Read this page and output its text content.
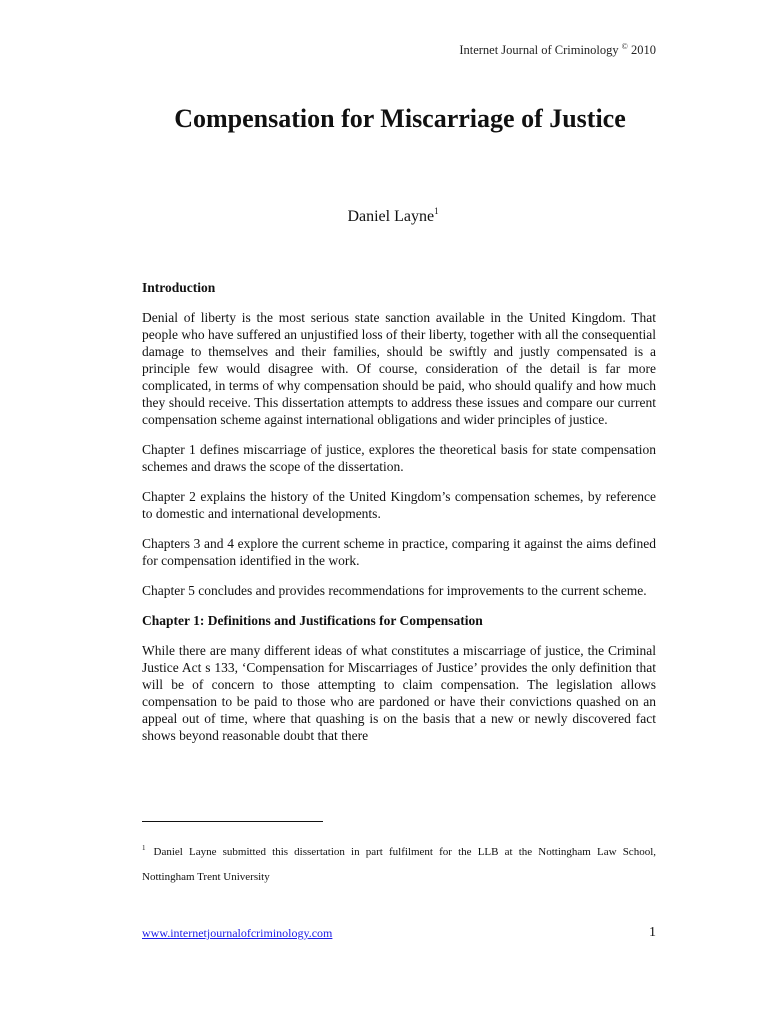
Internet Journal of Criminology © 2010
Compensation for Miscarriage of Justice
Daniel Layne$^1$
Introduction

Denial of liberty is the most serious state sanction available in the United Kingdom. That people who have suffered an unjustified loss of their liberty, together with all the consequential damage to themselves and their families, should be swiftly and justly compensated is a principle few would disagree with. Of course, consideration of the detail is far more complicated, in terms of why compensation should be paid, who should qualify and how much they should receive. This dissertation attempts to address these issues and compare our current compensation scheme against international obligations and wider principles of justice.

Chapter 1 defines miscarriage of justice, explores the theoretical basis for state compensation schemes and draws the scope of the dissertation.

Chapter 2 explains the history of the United Kingdom’s compensation schemes, by reference to domestic and international developments.

Chapters 3 and 4 explore the current scheme in practice, comparing it against the aims defined for compensation identified in the work.

Chapter 5 concludes and provides recommendations for improvements to the current scheme.

Chapter 1: Definitions and Justifications for Compensation

While there are many different ideas of what constitutes a miscarriage of justice, the Criminal Justice Act s 133, ‘Compensation for Miscarriages of Justice’ provides the only definition that will be of concern to those attempting to claim compensation. The legislation allows compensation to be paid to those who are pardoned or have their convictions quashed on an appeal out of time, where that quashing is on the basis that a new or newly discovered fact shows beyond reasonable doubt that there

$^1$ Daniel Layne submitted this dissertation in part fulfilment for the LLB at the Nottingham Law School, Nottingham Trent University
www.internetjournalofcriminology.com	1
